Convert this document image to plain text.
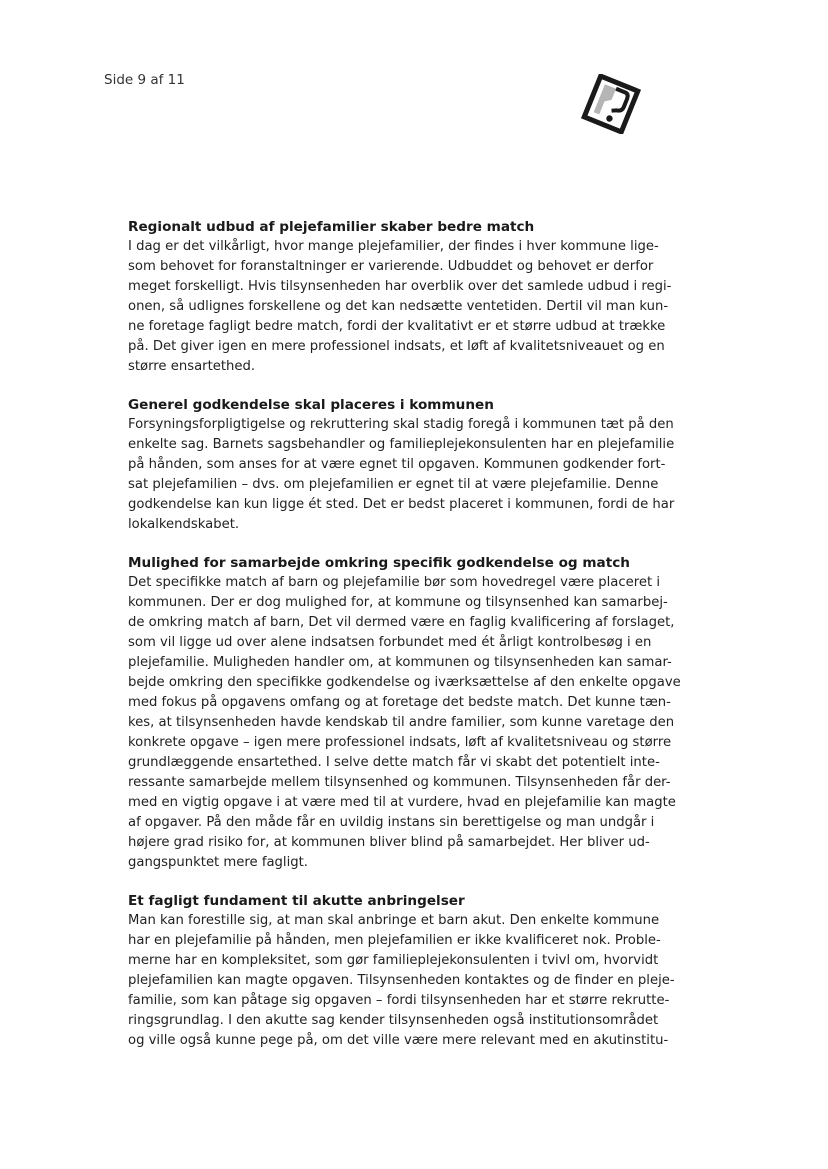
Side 9 af 11
Regionalt udbud af plejefamilier skaber bedre match
I dag er det vilkårligt, hvor mange plejefamilier, der findes i hver kommune lige-
som behovet for foranstaltninger er varierende. Udbuddet og behovet er derfor
meget forskelligt. Hvis tilsynsenheden har overblik over det samlede udbud i regi-
onen, så udlignes forskellene og det kan nedsætte ventetiden. Dertil vil man kun-
ne foretage fagligt bedre match, fordi der kvalitativt er et større udbud at trække
på. Det giver igen en mere professionel indsats, et løft af kvalitetsniveauet og en
større ensartethed.
Generel godkendelse skal placeres i kommunen
Forsyningsforpligtigelse og rekruttering skal stadig foregå i kommunen tæt på den
enkelte sag. Barnets sagsbehandler og familieplejekonsulenten har en plejefamilie
på hånden, som anses for at være egnet til opgaven. Kommunen godkender fort-
sat plejefamilien – dvs. om plejefamilien er egnet til at være plejefamilie. Denne
godkendelse kan kun ligge ét sted. Det er bedst placeret i kommunen, fordi de har
lokalkendskabet.
Mulighed for samarbejde omkring specifik godkendelse og match
Det specifikke match af barn og plejefamilie bør som hovedregel være placeret i
kommunen. Der er dog mulighed for, at kommune og tilsynsenhed kan samarbej-
de omkring match af barn, Det vil dermed være en faglig kvalificering af forslaget,
som vil ligge ud over alene indsatsen forbundet med ét årligt kontrolbesøg i en
plejefamilie. Muligheden handler om, at kommunen og tilsynsenheden kan samar-
bejde omkring den specifikke godkendelse og iværksættelse af den enkelte opgave
med fokus på opgavens omfang og at foretage det bedste match. Det kunne tæn-
kes, at tilsynsenheden havde kendskab til andre familier, som kunne varetage den
konkrete opgave – igen mere professionel indsats, løft af kvalitetsniveau og større
grundlæggende ensartethed. I selve dette match får vi skabt det potentielt inte-
ressante samarbejde mellem tilsynsenhed og kommunen. Tilsynsenheden får der-
med en vigtig opgave i at være med til at vurdere, hvad en plejefamilie kan magte
af opgaver. På den måde får en uvildig instans sin berettigelse og man undgår i
højere grad risiko for, at kommunen bliver blind på samarbejdet. Her bliver ud-
gangspunktet mere fagligt.
Et fagligt fundament til akutte anbringelser
Man kan forestille sig, at man skal anbringe et barn akut. Den enkelte kommune
har en plejefamilie på hånden, men plejefamilien er ikke kvalificeret nok. Proble-
merne har en kompleksitet, som gør familieplejekonsulenten i tvivl om, hvorvidt
plejefamilien kan magte opgaven. Tilsynsenheden kontaktes og de finder en pleje-
familie, som kan påtage sig opgaven – fordi tilsynsenheden har et større rekrutte-
ringsgrundlag. I den akutte sag kender tilsynsenheden også institutionsområdet
og ville også kunne pege på, om det ville være mere relevant med en akutinstitu-
